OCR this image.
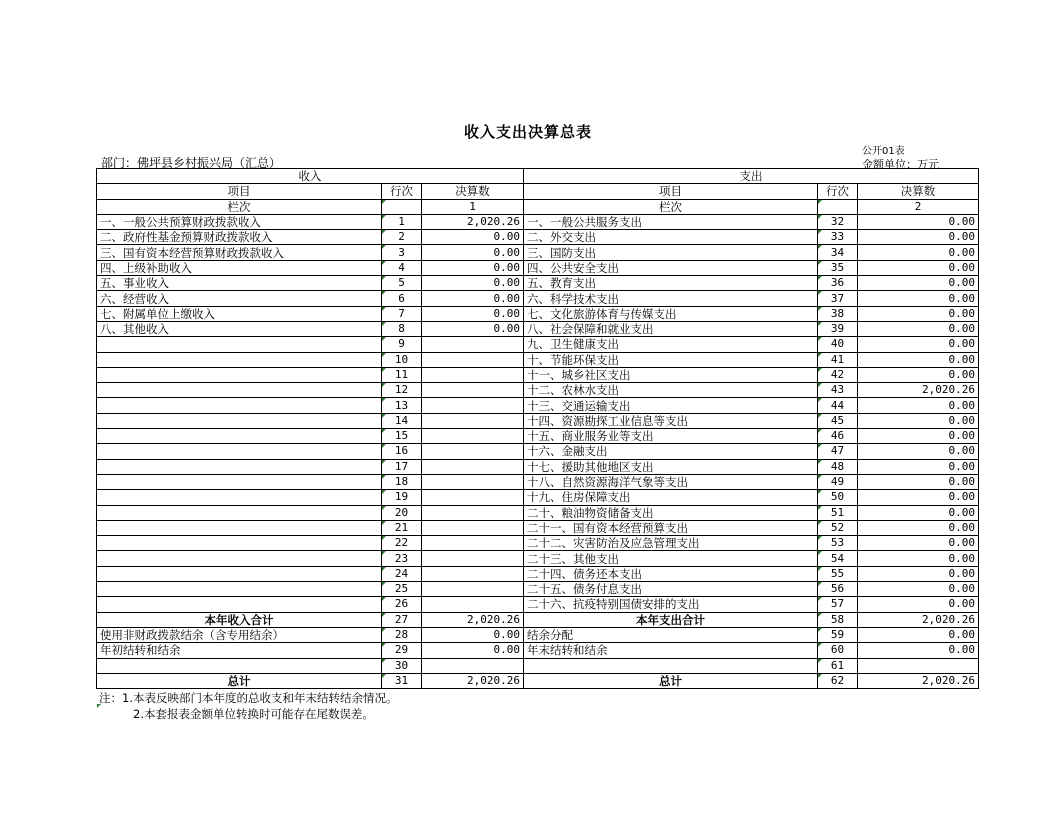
收入支出决算总表
公开01表
部门：佛坪县乡村振兴局（汇总）	金额单位：万元
收入			支出		
项目	行次	决算数	项目	行次	决算数
栏次		1	栏次		2
一、一般公共预算财政拨款收入	1	2,020.26	一、一般公共服务支出	32	0.00
二、政府性基金预算财政拨款收入	2	0.00	二、外交支出	33	0.00
三、国有资本经营预算财政拨款收入	3	0.00	三、国防支出	34	0.00
四、上级补助收入	4	0.00	四、公共安全支出	35	0.00
五、事业收入	5	0.00	五、教育支出	36	0.00
六、经营收入	6	0.00	六、科学技术支出	37	0.00
七、附属单位上缴收入	7	0.00	七、文化旅游体育与传媒支出	38	0.00
八、其他收入	8	0.00	八、社会保障和就业支出	39	0.00
	9		九、卫生健康支出	40	0.00
	10		十、节能环保支出	41	0.00
	11		十一、城乡社区支出	42	0.00
	12		十二、农林水支出	43	2,020.26
	13		十三、交通运输支出	44	0.00
	14		十四、资源勘探工业信息等支出	45	0.00
	15		十五、商业服务业等支出	46	0.00
	16		十六、金融支出	47	0.00
	17		十七、援助其他地区支出	48	0.00
	18		十八、自然资源海洋气象等支出	49	0.00
	19		十九、住房保障支出	50	0.00
	20		二十、粮油物资储备支出	51	0.00
	21		二十一、国有资本经营预算支出	52	0.00
	22		二十二、灾害防治及应急管理支出	53	0.00
	23		二十三、其他支出	54	0.00
	24		二十四、债务还本支出	55	0.00
	25		二十五、债务付息支出	56	0.00
	26		二十六、抗疫特别国债安排的支出	57	0.00
本年收入合计	27	2,020.26	本年支出合计	58	2,020.26
使用非财政拨款结余（含专用结余）	28	0.00	结余分配	59	0.00
年初结转和结余	29	0.00	年末结转和结余	60	0.00
	30			61	
总计	31	2,020.26	总计	62	2,020.26
注：1.本表反映部门本年度的总收支和年末结转结余情况。
2.本套报表金额单位转换时可能存在尾数误差。
